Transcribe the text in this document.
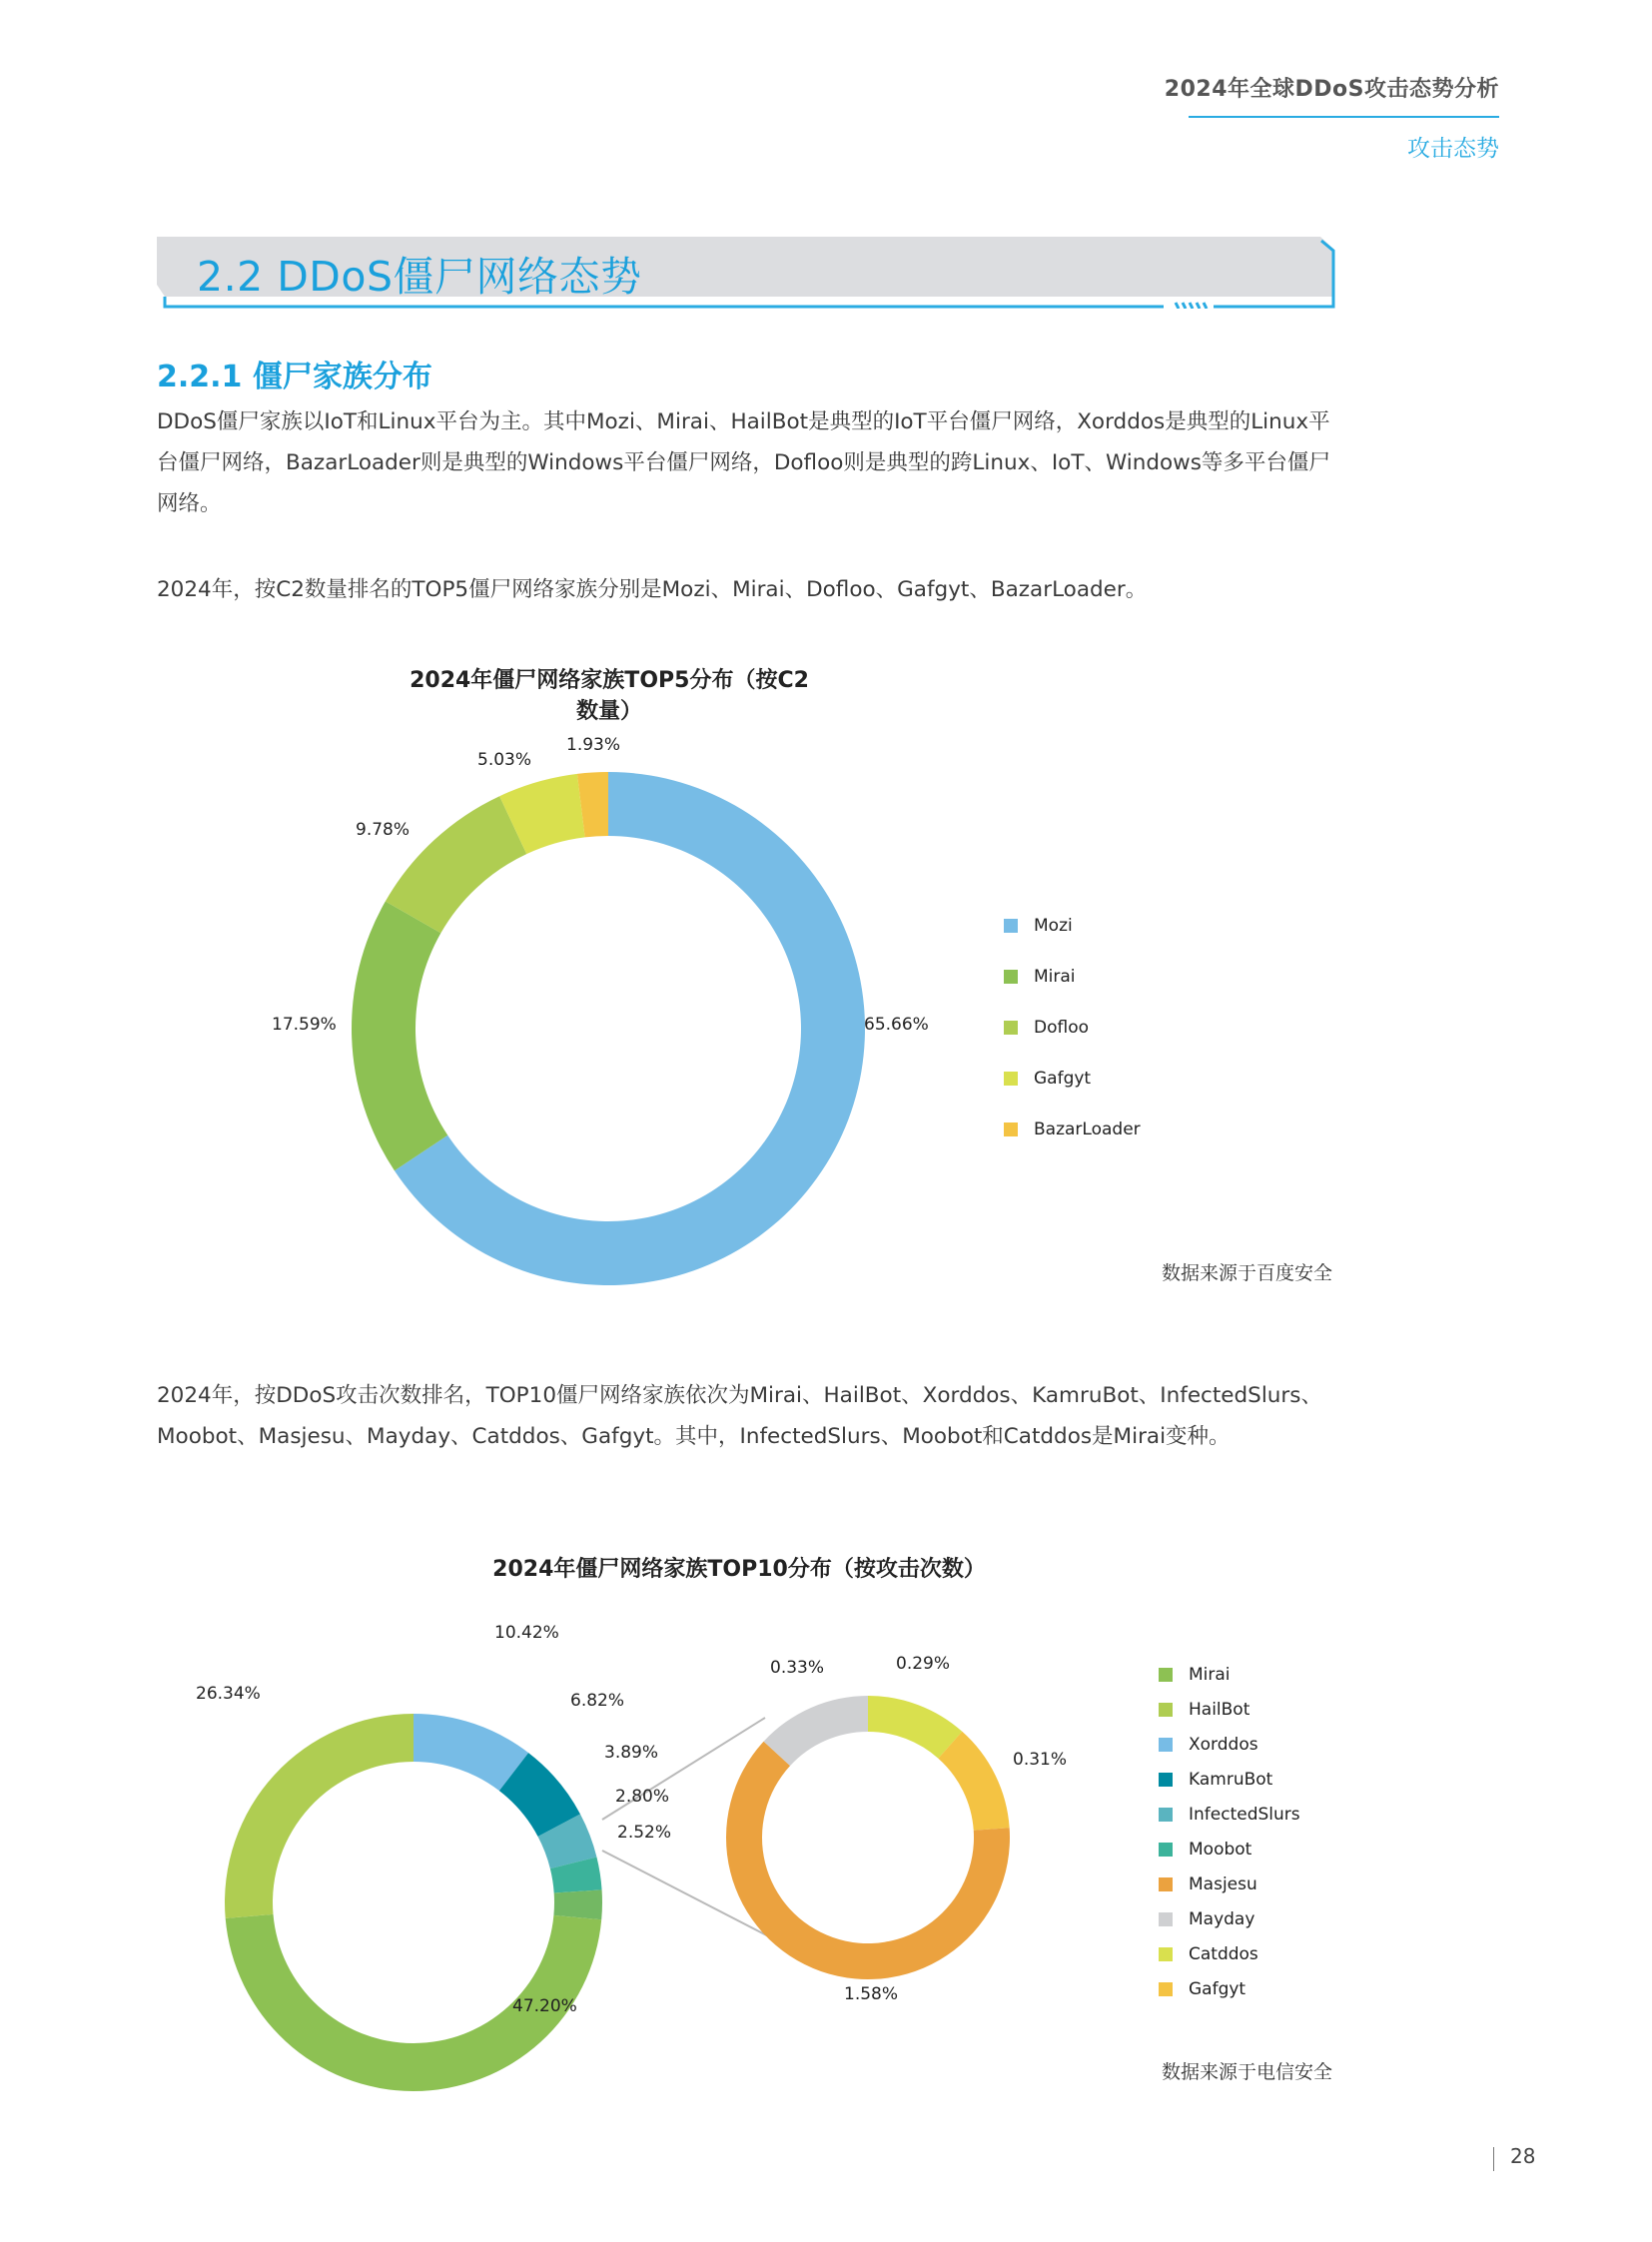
2024年全球DDoS攻击态势分析
攻击态势
2.2 DDoS僵尸网络态势
2.2.1 僵尸家族分布
DDoS僵尸家族以IoT和Linux平台为主。其中Mozi、Mirai、HailBot是典型的IoT平台僵尸网络，Xorddos是典型的Linux平台僵尸网络，BazarLoader则是典型的Windows平台僵尸网络，Dofloo则是典型的跨Linux、IoT、Windows等多平台僵尸网络。
2024年，按C2数量排名的TOP5僵尸网络家族分别是Mozi、Mirai、Dofloo、Gafgyt、BazarLoader。
2024年僵尸网络家族TOP5分布（按C2数量）
65.66%
17.59%
9.78%
5.03%
1.93%
Mozi
Mirai
Dofloo
Gafgyt
BazarLoader
数据来源于百度安全
2024年，按DDoS攻击次数排名，TOP10僵尸网络家族依次为Mirai、HailBot、Xorddos、KamruBot、InfectedSlurs、Moobot、Masjesu、Mayday、Catddos、Gafgyt。其中，InfectedSlurs、Moobot和Catddos是Mirai变种。
2024年僵尸网络家族TOP10分布（按攻击次数）
10.42%
6.82%
3.89%
2.80%
2.52%
47.20%
26.34%
0.33%	0.29%
0.31%
1.58%
Mirai
HailBot
Xorddos
KamruBot
InfectedSlurs
Moobot
Masjesu
Mayday
Catddos
Gafgyt
数据来源于电信安全
28
